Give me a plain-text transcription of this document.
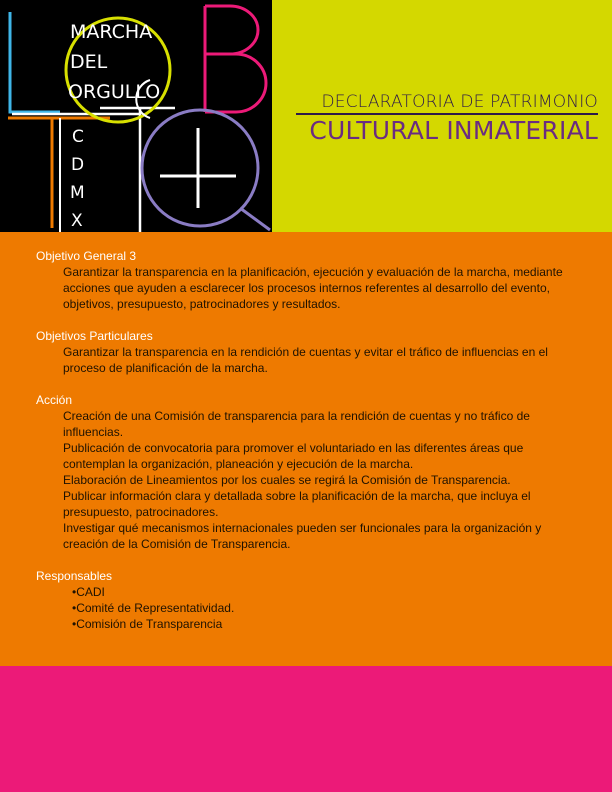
MARCHA
DEL
ORGULLO
C
D
M
X
DECLARATORIA DE PATRIMONIO
CULTURAL INMATERIAL
Objetivo General 3
Garantizar la transparencia en la planificación, ejecución y evaluación de la marcha, mediante acciones que ayuden a esclarecer los procesos internos referentes al desarrollo del evento, objetivos, presupuesto, patrocinadores y resultados.
Objetivos Particulares
Garantizar la transparencia en la rendición de cuentas y evitar el tráfico de influencias en el proceso de planificación de la marcha.
Acción
Creación de una Comisión de transparencia para la rendición de cuentas y no tráfico de influencias.
Publicación de convocatoria para promover el voluntariado en las diferentes áreas que contemplan la organización, planeación y ejecución de la marcha.
Elaboración de Lineamientos por los cuales se regirá la Comisión de Transparencia.
Publicar información clara y detallada sobre la planificación de la marcha, que incluya el presupuesto, patrocinadores.
Investigar qué mecanismos internacionales pueden ser funcionales para la organización y creación de la Comisión de Transparencia.
Responsables
•CADI
•Comité de Representatividad.
•Comisión de Transparencia
